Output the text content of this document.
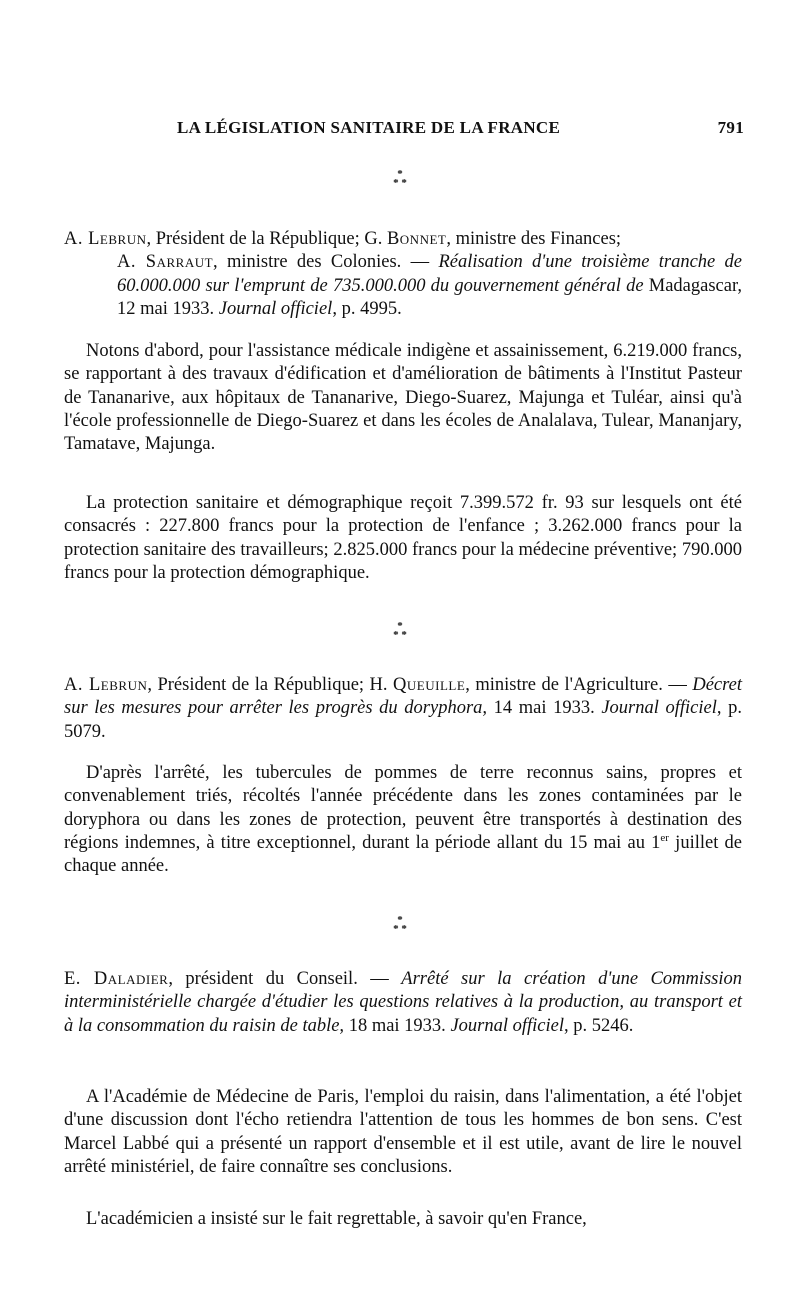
LA LÉGISLATION SANITAIRE DE LA FRANCE	791
*
* *
A. Lebrun, Président de la République; G. Bonnet, ministre des Finances;
A. Sarraut, ministre des Colonies. — Réalisation d'une troisième tranche de 60.000.000 sur l'emprunt de 735.000.000 du gouvernement général de Madagascar, 12 mai 1933. Journal officiel, p. 4995.

Notons d'abord, pour l'assistance médicale indigène et assainissement, 6.219.000 francs, se rapportant à des travaux d'édification et d'amélioration de bâtiments à l'Institut Pasteur de Tananarive, aux hôpitaux de Tananarive, Diego-Suarez, Majunga et Tuléar, ainsi qu'à l'école professionnelle de Diego-Suarez et dans les écoles de Analalava, Tulear, Mananjary, Tamatave, Majunga.

La protection sanitaire et démographique reçoit 7.399.572 fr. 93 sur lesquels ont été consacrés : 227.800 francs pour la protection de l'enfance ; 3.262.000 francs pour la protection sanitaire des travailleurs; 2.825.000 francs pour la médecine préventive; 790.000 francs pour la protection démographique.

*
* *
A. Lebrun, Président de la République; H. Queuille, ministre de l'Agriculture. — Décret sur les mesures pour arrêter les progrès du doryphora, 14 mai 1933. Journal officiel, p. 5079.

D'après l'arrêté, les tubercules de pommes de terre reconnus sains, propres et convenablement triés, récoltés l'année précédente dans les zones contaminées par le doryphora ou dans les zones de protection, peuvent être transportés à destination des régions indemnes, à titre exceptionnel, durant la période allant du 15 mai au 1er juillet de chaque année.

*
* *
E. Daladier, président du Conseil. — Arrêté sur la création d'une Commission interministérielle chargée d'étudier les questions relatives à la production, au transport et à la consommation du raisin de table, 18 mai 1933. Journal officiel, p. 5246.

A l'Académie de Médecine de Paris, l'emploi du raisin, dans l'alimentation, a été l'objet d'une discussion dont l'écho retiendra l'attention de tous les hommes de bon sens. C'est Marcel Labbé qui a présenté un rapport d'ensemble et il est utile, avant de lire le nouvel arrêté ministériel, de faire connaître ses conclusions.

L'académicien a insisté sur le fait regrettable, à savoir qu'en France,
